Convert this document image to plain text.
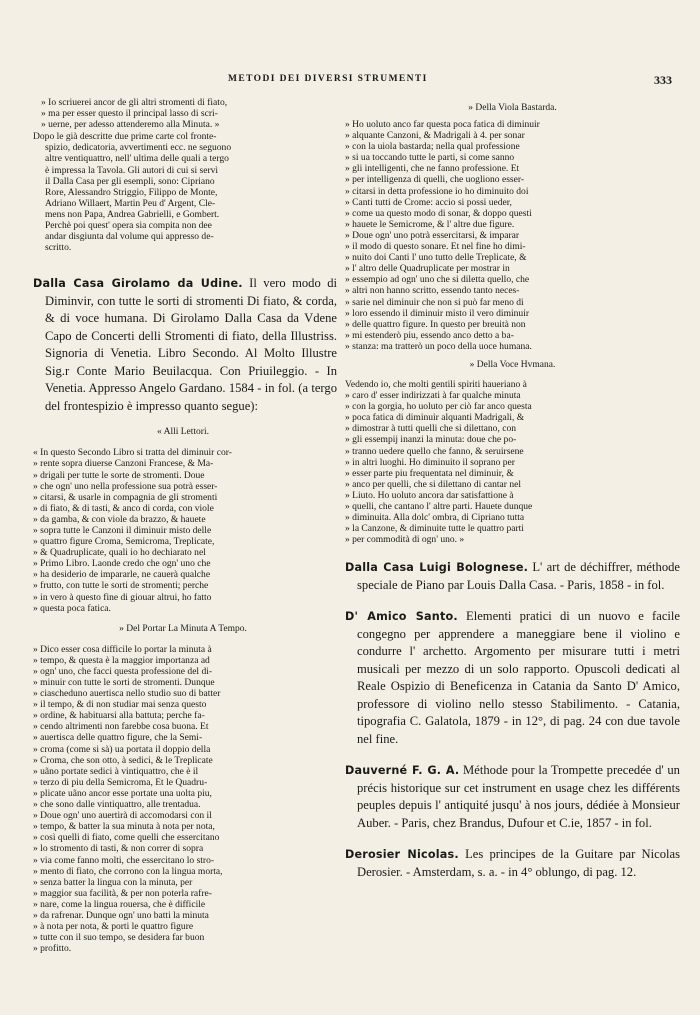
METODI DEI DIVERSI STRUMENTI	333

» Io scriuerei ancor de gli altri stromenti di fiato,
» ma per esser questo il principal lasso di scri-
» uerne, per adesso attenderemo alla Minuta. »

Dopo le già descritte due prime carte col fronte-
spizio, dedicatoria, avvertimenti ecc. ne seguono
altre ventiquattro, nell' ultima delle quali a tergo
è impressa la Tavola. Gli autori di cui si servì
il Dalla Casa per gli esempli, sono: Cipriano
Rore, Alessandro Striggio, Filippo de Monte,
Adriano Willaert, Martin Peu d' Argent, Cle-
mens non Papa, Andrea Gabrielli, e Gombert.
Perchè poi quest' opera sia compita non dee
andar disgiunta dal volume qui appresso de-
scritto.

Dalla Casa Girolamo da Udine. Il vero modo di Diminvir, con tutte le sorti di stromenti Di fiato, & corda, & di voce humana. Di Girolamo Dalla Casa da Vdene Capo de Concerti delli Stromenti di fiato, della Illustriss. Signoria di Venetia. Libro Secondo. Al Molto Illustre Sig.r Conte Mario Beuilacqua. Con Priuileggio. - In Venetia. Appresso Angelo Gardano. 1584 - in fol. (a tergo del frontespizio è impresso quanto segue):

« Alli Lettori.

« In questo Secondo Libro si tratta del diminuir cor-
» rente sopra diuerse Canzoni Francese, & Ma-
» drigali per tutte le sorte de stromenti. Doue
» che ogn' uno nella professione sua potrà esser-
» citarsi, & usarle in compagnia de gli stromenti
» di fiato, & di tasti, & anco di corda, con viole
» da gamba, & con viole da brazzo, & hauete
» sopra tutte le Canzoni il diminuir misto delle
» quattro figure Croma, Semicroma, Treplicate,
» & Quadruplicate, quali io ho dechiarato nel
» Primo Libro. Laonde credo che ogn' uno che
» ha desiderio de impararle, ne cauerà qualche
» frutto, con tutte le sorti de stromenti; perche
» in vero à questo fine di giouar altrui, ho fatto
» questa poca fatica.

» Del Portar La Minuta A Tempo.

» Dico esser cosa difficile lo portar la minuta à
» tempo, & questa è la maggior importanza ad
» ogn' uno, che facci questa professione del di-
» minuir con tutte le sorti de stromenti. Dunque
» ciascheduno auertisca nello studio suo di batter
» il tempo, & di non studiar mai senza questo
» ordine, & habituarsi alla battuta; perche fa-
» cendo altrimenti non farebbe cosa buona. Et
» auertisca delle quattro figure, che la Semi-
» croma (come si sà) ua portata il doppio della
» Croma, che son otto, à sedici, & le Treplicate
» uãno portate sedici à vintiquattro, che è il
» terzo di piu della Semicroma, Et le Quadru-
» plicate uãno ancor esse portate una uolta piu,
» che sono dalle vintiquattro, alle trentadua.
» Doue ogn' uno auertirà di accomodarsi con il
» tempo, & batter la sua minuta à nota per nota,
» così quelli di fiato, come quelli che essercitano
» lo stromento di tasti, & non correr di sopra
» via come fanno molti, che essercitano lo stro-
» mento di fiato, che corrono con la lingua morta,
» senza batter la lingua con la minuta, per
» maggior sua facilità, & per non poterla rafre-
» nare, come la lingua rouersa, che è difficile
» da rafrenar. Dunque ogn' uno batti la minuta
» à nota per nota, & porti le quattro figure
» tutte con il suo tempo, se desidera far buon
» profitto.

» Della Viola Bastarda.

» Ho uoluto anco far questa poca fatica di diminuir
» alquante Canzoni, & Madrigali à 4. per sonar
» con la uiola bastarda; nella qual professione
» si ua toccando tutte le parti, si come sanno
» gli intelligenti, che ne fanno professione. Et
» per intelligenza di quelli, che uogliono esser-
» citarsi in detta professione io ho diminuito doi
» Canti tutti de Crome: accio si possi ueder,
» come ua questo modo di sonar, & doppo questi
» hauete le Semicrome, & l' altre due figure.
» Doue ogn' uno potrà essercitarsi, & imparar
» il modo di questo sonare. Et nel fine ho dimi-
» nuito doi Canti l' uno tutto delle Treplicate, &
» l' altro delle Quadruplicate per mostrar in
» essempio ad ogn' uno che si diletta quello, che
» altri non hanno scritto, essendo tanto neces-
» sarie nel diminuir che non si può far meno di
» loro essendo il diminuir misto il vero diminuir
» delle quattro figure. In questo per breuità non
» mi estenderò piu, essendo anco detto a ba-
» stanza: ma tratterò un poco della uoce humana.

» Della Voce Hvmana.

Vedendo io, che molti gentili spiriti haueriano à
» caro d' esser indirizzati à far qualche minuta
» con la gorgia, ho uoluto per ciò far anco questa
» poca fatica di diminuir alquanti Madrigali, &
» dimostrar à tutti quelli che si dilettano, con
» gli essempij inanzi la minuta: doue che po-
» tranno uedere quello che fanno, & seruirsene
» in altri luoghi. Ho diminuito il soprano per
» esser parte piu frequentata nel diminuir, &
» anco per quelli, che si dilettano di cantar nel
» Liuto. Ho uoluto ancora dar satisfattione à
» quelli, che cantano l' altre parti. Hauete dunque
» diminuita. Alla dolc' ombra, di Cipriano tutta
» la Canzone, & diminuite tutte le quattro parti
» per commodità di ogn' uno. »

Dalla Casa Luigi Bolognese. L' art de déchiffrer, méthode speciale de Piano par Louis Dalla Casa. - Paris, 1858 - in fol.

D' Amico Santo. Elementi pratici di un nuovo e facile congegno per apprendere a maneggiare bene il violino e condurre l' archetto. Argomento per misurare tutti i metri musicali per mezzo di un solo rapporto. Opuscoli dedicati al Reale Ospizio di Beneficenza in Catania da Santo D' Amico, professore di violino nello stesso Stabilimento. - Catania, tipografia C. Galatola, 1879 - in 12°, di pag. 24 con due tavole nel fine.

Dauverné F. G. A. Méthode pour la Trompette precedée d' un précis historique sur cet instrument en usage chez les différents peuples depuis l' antiquité jusqu' à nos jours, dédiée à Monsieur Auber. - Paris, chez Brandus, Dufour et C.ie, 1857 - in fol.

Derosier Nicolas. Les principes de la Guitare par Nicolas Derosier. - Amsterdam, s. a. - in 4° oblungo, di pag. 12.
